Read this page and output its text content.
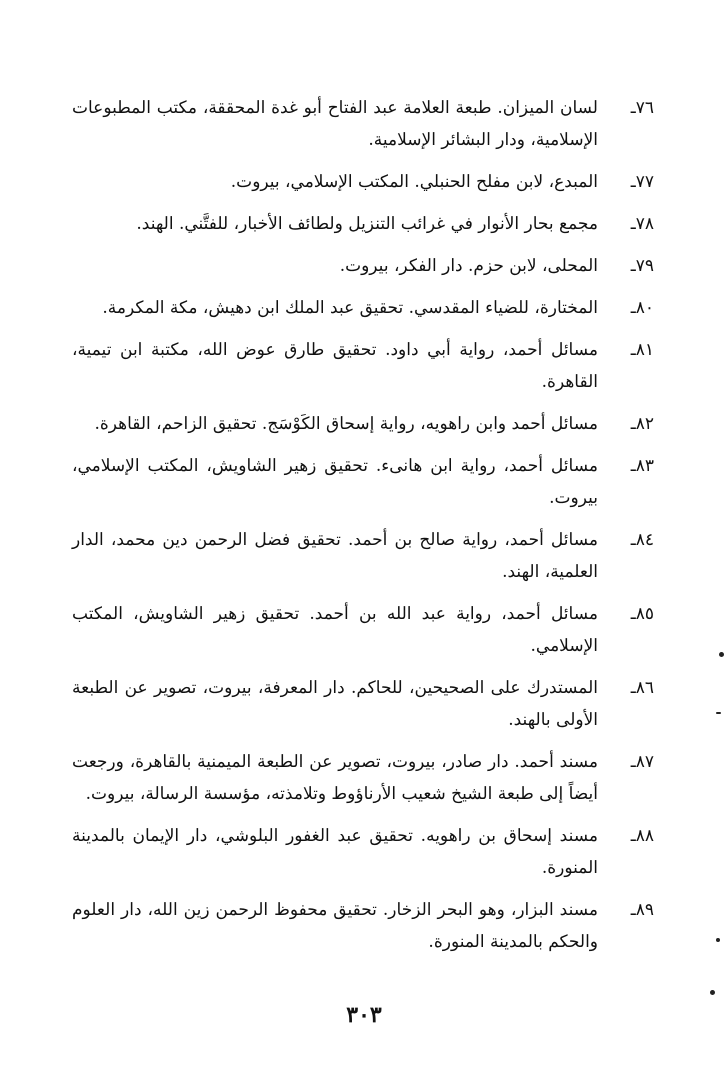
٧٦ـ
لسان الميزان. طبعة العلامة عبد الفتاح أبو غدة المحققة، مكتب المطبوعات الإسلامية، ودار البشائر الإسلامية.
٧٧ـ
المبدع، لابن مفلح الحنبلي. المكتب الإسلامي، بيروت.
٧٨ـ
مجمع بحار الأنوار في غرائب التنزيل ولطائف الأخبار، للفتَّني. الهند.
٧٩ـ
المحلى، لابن حزم. دار الفكر، بيروت.
٨٠ـ
المختارة، للضياء المقدسي. تحقيق عبد الملك ابن دهيش، مكة المكرمة.
٨١ـ
مسائل أحمد، رواية أبي داود. تحقيق طارق عوض الله، مكتبة ابن تيمية، القاهرة.
٨٢ـ
مسائل أحمد وابن راهويه، رواية إسحاق الكَوْسَج. تحقيق الزاحم، القاهرة.
٨٣ـ
مسائل أحمد، رواية ابن هانىء. تحقيق زهير الشاويش، المكتب الإسلامي، بيروت.
٨٤ـ
مسائل أحمد، رواية صالح بن أحمد. تحقيق فضل الرحمن دين محمد، الدار العلمية، الهند.
٨٥ـ
مسائل أحمد، رواية عبد الله بن أحمد. تحقيق زهير الشاويش، المكتب الإسلامي.
٨٦ـ
المستدرك على الصحيحين، للحاكم. دار المعرفة، بيروت، تصوير عن الطبعة الأولى بالهند.
٨٧ـ
مسند أحمد. دار صادر، بيروت، تصوير عن الطبعة الميمنية بالقاهرة، ورجعت أيضاً إلى طبعة الشيخ شعيب الأرناؤوط وتلامذته، مؤسسة الرسالة، بيروت.
٨٨ـ
مسند إسحاق بن راهويه. تحقيق عبد الغفور البلوشي، دار الإيمان بالمدينة المنورة.
٨٩ـ
مسند البزار، وهو البحر الزخار. تحقيق محفوظ الرحمن زين الله، دار العلوم والحكم بالمدينة المنورة.
٣٠٣
